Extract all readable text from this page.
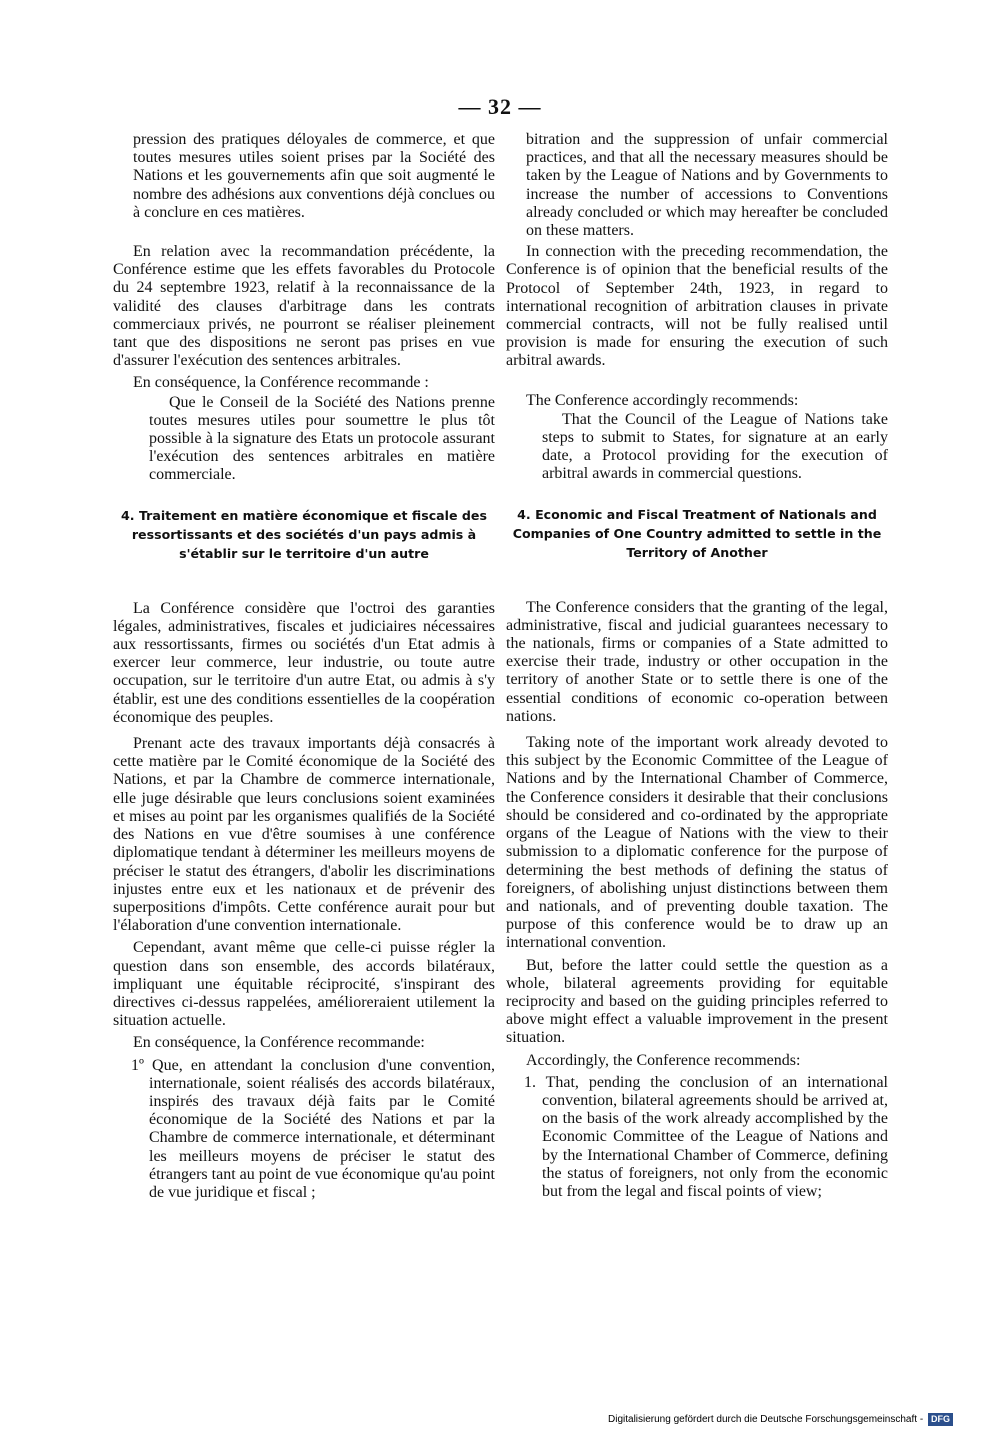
— 32 —

pression des pratiques déloyales de commerce, et que toutes mesures utiles soient prises par la Société des Nations et les gouvernements afin que soit augmenté le nombre des adhésions aux conventions déjà conclues ou à conclure en ces matières.

En relation avec la recommandation précédente, la Conférence estime que les effets favorables du Protocole du 24 septembre 1923, relatif à la reconnaissance de la validité des clauses d'arbitrage dans les contrats commerciaux privés, ne pourront se réaliser pleinement tant que des dispositions ne seront pas prises en vue d'assurer l'exécution des sentences arbitrales.

En conséquence, la Conférence recommande :

Que le Conseil de la Société des Nations prenne toutes mesures utiles pour soumettre le plus tôt possible à la signature des Etats un protocole assurant l'exécution des sentences arbitrales en matière commerciale.

4. Traitement en matière économique et fiscale des ressortissants et des sociétés d'un pays admis à s'établir sur le territoire d'un autre

La Conférence considère que l'octroi des garanties légales, administratives, fiscales et judiciaires nécessaires aux ressortissants, firmes ou sociétés d'un Etat admis à exercer leur commerce, leur industrie, ou toute autre occupation, sur le territoire d'un autre Etat, ou admis à s'y établir, est une des conditions essentielles de la coopération économique des peuples.

Prenant acte des travaux importants déjà consacrés à cette matière par le Comité économique de la Société des Nations, et par la Chambre de commerce internationale, elle juge désirable que leurs conclusions soient examinées et mises au point par les organismes qualifiés de la Société des Nations en vue d'être soumises à une conférence diplomatique tendant à déterminer les meilleurs moyens de préciser le statut des étrangers, d'abolir les discriminations injustes entre eux et les nationaux et de prévenir des superpositions d'impôts. Cette conférence aurait pour but l'élaboration d'une convention internationale.

Cependant, avant même que celle-ci puisse régler la question dans son ensemble, des accords bilatéraux, impliquant une équitable réciprocité, s'inspirant des directives ci-dessus rappelées, amélioreraient utilement la situation actuelle.

En conséquence, la Conférence recommande:

1º Que, en attendant la conclusion d'une convention, internationale, soient réalisés des accords bilatéraux, inspirés des travaux déjà faits par le Comité économique de la Société des Nations et par la Chambre de commerce internationale, et déterminant les meilleurs moyens de préciser le statut des étrangers tant au point de vue économique qu'au point de vue juridique et fiscal ;

bitration and the suppression of unfair commercial practices, and that all the necessary measures should be taken by the League of Nations and by Governments to increase the number of accessions to Conventions already concluded or which may hereafter be concluded on these matters.

In connection with the preceding recommendation, the Conference is of opinion that the beneficial results of the Protocol of September 24th, 1923, in regard to international recognition of arbitration clauses in private commercial contracts, will not be fully realised until provision is made for ensuring the execution of such arbitral awards.

The Conference accordingly recommends:

That the Council of the League of Nations take steps to submit to States, for signature at an early date, a Protocol providing for the execution of arbitral awards in commercial questions.

4. Economic and Fiscal Treatment of Nationals and Companies of One Country admitted to settle in the Territory of Another

The Conference considers that the granting of the legal, administrative, fiscal and judicial guarantees necessary to the nationals, firms or companies of a State admitted to exercise their trade, industry or other occupation in the territory of another State or to settle there is one of the essential conditions of economic co-operation between nations.

Taking note of the important work already devoted to this subject by the Economic Committee of the League of Nations and by the International Chamber of Commerce, the Conference considers it desirable that their conclusions should be considered and co-ordinated by the appropriate organs of the League of Nations with the view to their submission to a diplomatic conference for the purpose of determining the best methods of defining the status of foreigners, of abolishing unjust distinctions between them and nationals, and of preventing double taxation. The purpose of this conference would be to draw up an international convention.

But, before the latter could settle the question as a whole, bilateral agreements providing for equitable reciprocity and based on the guiding principles referred to above might effect a valuable improvement in the present situation.

Accordingly, the Conference recommends:

1. That, pending the conclusion of an international convention, bilateral agreements should be arrived at, on the basis of the work already accomplished by the Economic Committee of the League of Nations and by the International Chamber of Commerce, defining the status of foreigners, not only from the economic but from the legal and fiscal points of view;

Digitalisierung gefördert durch die Deutsche Forschungsgemeinschaft - DFG
